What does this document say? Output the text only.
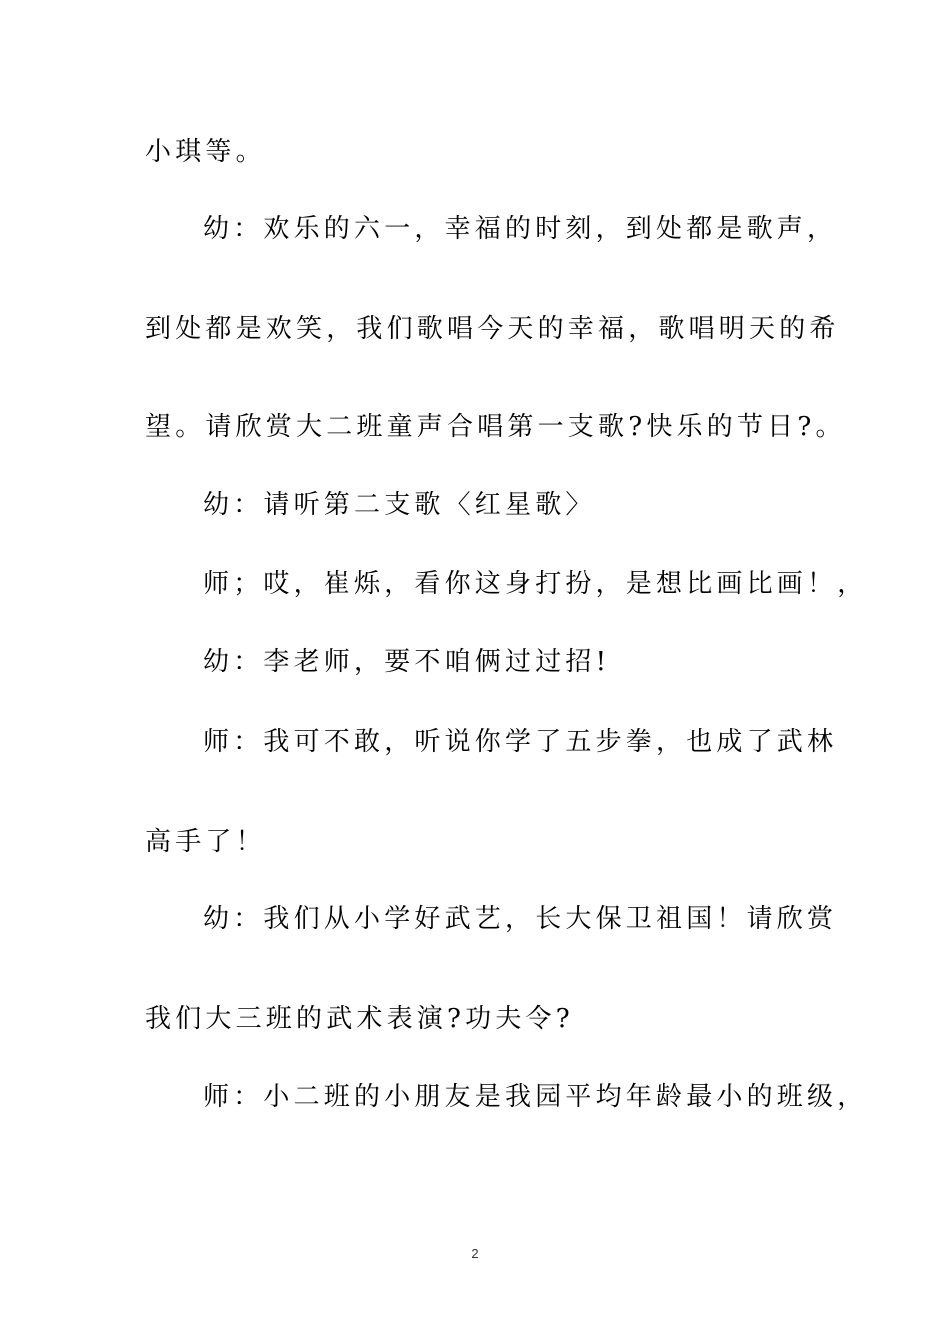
小琪等。
幼：欢乐的六一，幸福的时刻，到处都是歌声，
到处都是欢笑，我们歌唱今天的幸福，歌唱明天的希
望。请欣赏大二班童声合唱第一支歌?快乐的节日?。
幼：请听第二支歌〈红星歌〉
师；哎，崔烁，看你这身打扮，是想比画比画！，
幼：李老师，要不咱俩过过招!
师：我可不敢，听说你学了五步拳，也成了武林
高手了！
幼：我们从小学好武艺，长大保卫祖国！请欣赏
我们大三班的武术表演?功夫令?
师：小二班的小朋友是我园平均年龄最小的班级，
2
